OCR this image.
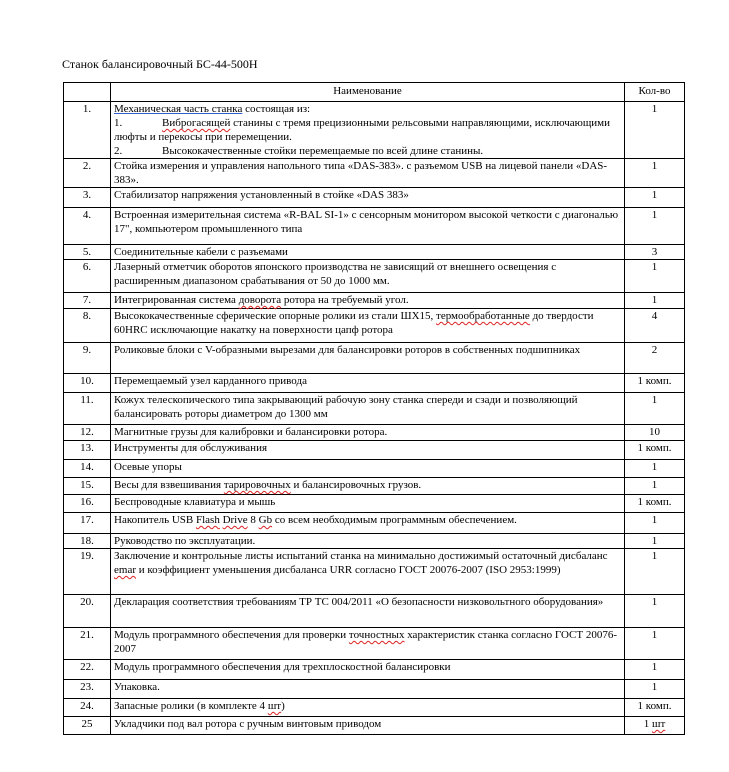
Станок балансировочный БС-44-500Н
	Наименование	Кол-во
1.	Механическая часть станка состоящая из:
1. Виброгасящей станины с тремя прецизионными рельсовыми направляющими, исключающими люфты и перекосы при перемещении.
2. Высококачественные стойки перемещаемые по всей длине станины.	1
2.	Стойка измерения и управления напольного типа «DAS-383». с разъемом USB на лицевой панели «DAS-383».	1
3.	Стабилизатор напряжения установленный в стойке «DAS 383»	1
4.	Встроенная измерительная система «R-BAL SI-1» с сенсорным монитором высокой четкости с диагональю 17", компьютером промышленного типа	1
5.	Соединительные кабели с разъемами	3
6.	Лазерный отметчик оборотов японского производства не зависящий от внешнего освещения с расширенным диапазоном срабатывания от 50 до 1000 мм.	1
7.	Интегрированная система доворота ротора на требуемый угол.	1
8.	Высококачественные сферические опорные ролики из стали ШХ15, термообработанные до твердости 60HRC исключающие накатку на поверхности цапф ротора	4
9.	Роликовые блоки с V-образными вырезами для балансировки роторов в собственных подшипниках	2
10.	Перемещаемый узел карданного привода	1 комп.
11.	Кожух телескопического типа закрывающий рабочую зону станка спереди и сзади и позволяющий балансировать роторы диаметром до 1300 мм	1
12.	Магнитные грузы для калибровки и балансировки ротора.	10
13.	Инструменты для обслуживания	1 комп.
14.	Осевые упоры	1
15.	Весы для взвешивания тарировочных и балансировочных грузов.	1
16.	Беспроводные клавиатура и мышь	1 комп.
17.	Накопитель USB Flash Drive 8 Gb со всем необходимым программным обеспечением.	1
18.	Руководство по эксплуатации.	1
19.	Заключение и контрольные листы испытаний станка на минимально достижимый остаточный дисбаланс emar и коэффициент уменьшения дисбаланса URR согласно ГОСТ 20076-2007 (ISO 2953:1999)	1
20.	Декларация соответствия требованиям ТР ТС 004/2011 «О безопасности низковольтного оборудования»	1
21.	Модуль программного обеспечения для проверки точностных характеристик станка согласно ГОСТ 20076-2007	1
22.	Модуль программного обеспечения для трехплоскостной балансировки	1
23.	Упаковка.	1
24.	Запасные ролики (в комплекте 4 шт)	1 комп.
25	Укладчики под вал ротора с ручным винтовым приводом	1 шт
